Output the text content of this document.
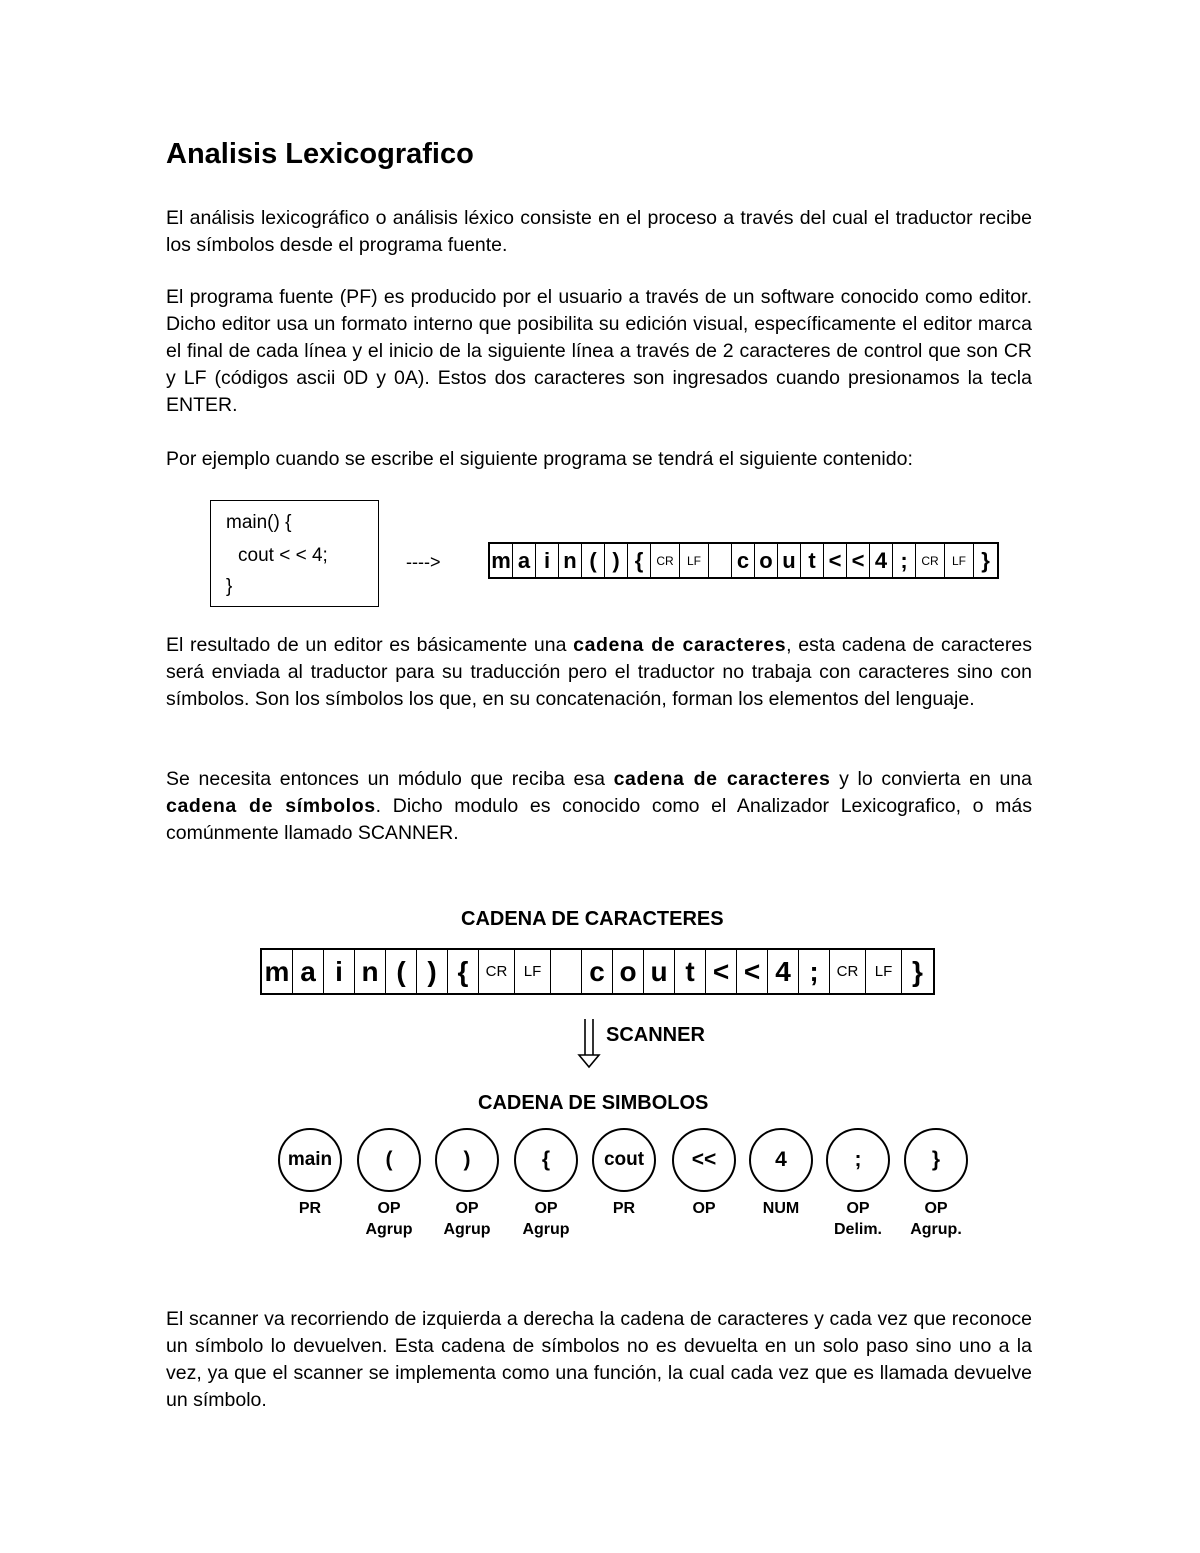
Analisis Lexicografico

El análisis lexicográfico o análisis léxico consiste en el proceso a través del cual el traductor recibe los símbolos desde el programa fuente.

El programa fuente (PF) es producido por el usuario a través de un software conocido como editor. Dicho editor usa un formato interno que posibilita su edición visual, específicamente el editor marca el final de cada línea y el inicio de la siguiente línea a través de 2 caracteres de control que son CR y LF (códigos ascii 0D y 0A). Estos dos caracteres son ingresados cuando presionamos la tecla ENTER.

Por ejemplo cuando se escribe el siguiente programa se tendrá el siguiente contenido:

main() {
cout < < 4;
}
----> m a i n ( ) {	CR	LF	c o u t < < 4 ;	CR	LF }

El resultado de un editor es básicamente una cadena de caracteres, esta cadena de caracteres será enviada al traductor para su traducción pero el traductor no trabaja con caracteres sino con símbolos. Son los símbolos los que, en su concatenación, forman los elementos del lenguaje.

Se necesita entonces un módulo que reciba esa cadena de caracteres y lo convierta en una cadena de símbolos. Dicho modulo es conocido como el Analizador Lexicografico, o más comúnmente llamado SCANNER.

CADENA DE CARACTERES
m a i n ( ) {	CR	LF	c o u t < < 4 ;	CR	LF }
SCANNER
CADENA DE SIMBOLOS
main
PR
(
OP
Agrup
)
OP
Agrup
{
OP
Agrup
cout
PR
<<
OP
4
NUM
;
OP
Delim.
}
OP
Agrup.

El scanner va recorriendo de izquierda a derecha la cadena de caracteres y cada vez que reconoce un símbolo lo devuelven. Esta cadena de símbolos no es devuelta en un solo paso sino uno a la vez, ya que el scanner se implementa como una función, la cual cada vez que es llamada devuelve un símbolo.
